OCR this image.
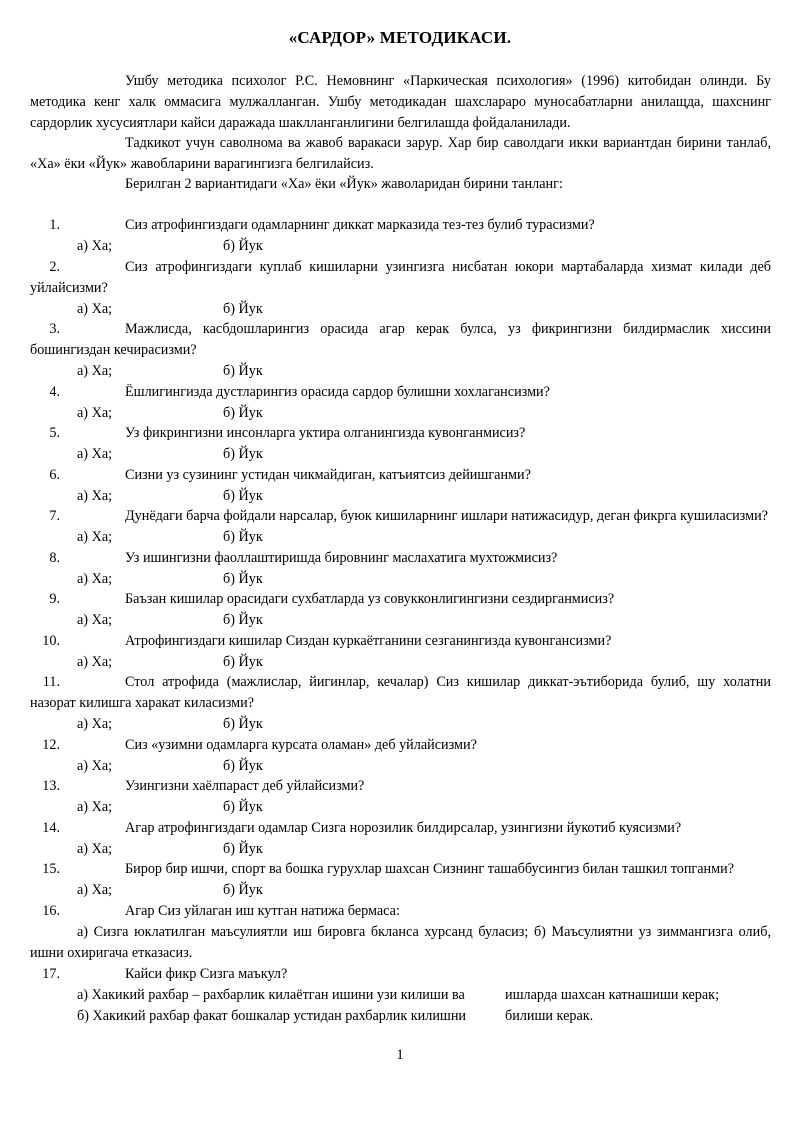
«САРДОР» МЕТОДИКАСИ.

Ушбу методика психолог Р.С. Немовнинг «Паркическая психология» (1996) китобидан олинди. Бу методика кенг халк оммасига мулжалланган. Ушбу методикадан шахслараро муносабатларни анилащда, шахснинг сардорлик хусусиятлари кайси даражада шаклланганлигини белгилашда фойдаланилади.

Тадкикот учун саволнома ва жавоб варакаси зарур. Хар бир саволдаги икки вариантдан бирини танлаб, «Ха» ёки «Йук» жавобларини варагингизга белгилайсиз.

Берилган 2 вариантидаги «Ха» ёки «Йук» жаволаридан бирини танланг:

1.	Сиз атрофингиздаги одамларнинг диккат марказида тез-тез булиб турасизми?
а) Ха;	б) Йук
2.	Сиз атрофингиздаги куплаб кишиларни узингизга нисбатан юкори мартабаларда хизмат килади деб уйлайсизми?
а) Ха;	б) Йук
3.	Мажлисда, касбдошларингиз орасида агар керак булса, уз фикрингизни билдирмаслик хиссини бошингиздан кечирасизми?
а) Ха;	б) Йук
4.	Ёшлигингизда дустларингиз орасида сардор булишни хохлагансизми?
а) Ха;	б) Йук
5.	Уз фикрингизни инсонларга уктира олганингизда кувонганмисиз?
а) Ха;	б) Йук
6.	Сизни уз сузининг устидан чикмайдиган, катъиятсиз дейишганми?
а) Ха;	б) Йук
7.	Дунёдаги барча фойдали нарсалар, буюк кишиларнинг ишлари натижасидур, деган фикрга кушиласизми?
а) Ха;	б) Йук
8.	Уз ишингизни фаоллаштиришда бировнинг маслахатига мухтожмисиз?
а) Ха;	б) Йук
9.	Баъзан кишилар орасидаги сухбатларда уз совукконлигингизни сездирганмисиз?
а) Ха;	б) Йук
10.	Атрофингиздаги кишилар Сиздан куркаётганини сезганингизда кувонгансизми?
а) Ха;	б) Йук
11.	Стол атрофида (мажлислар, йигинлар, кечалар) Сиз кишилар диккат-эътиборида булиб, шу холатни назорат килишга харакат киласизми?
а) Ха;	б) Йук
12.	Сиз «узимни одамларга курсата оламан» деб уйлайсизми?
а) Ха;	б) Йук
13.	Узингизни хаёлпараст деб уйлайсизми?
а) Ха;	б) Йук
14.	Агар атрофингиздаги одамлар Сизга норозилик билдирсалар, узингизни йукотиб куясизми?
а) Ха;	б) Йук
15.	Бирор бир ишчи, спорт ва бошка гурухлар шахсан Сизнинг ташаббусингиз билан ташкил топганми?
а) Ха;	б) Йук
16.	Агар Сиз уйлаган иш кутган натижа бермаса:
а) Сизга юклатилган маъсулиятли иш бировга бкланса хурсанд буласиз; б) Маъсулиятни уз зиммангизга олиб, ишни охиригача етказасиз.
17.	Кайси фикр Сизга маъкул?
а) Хакикий рахбар – рахбарлик килаётган ишини узи килиши ва	ишларда шахсан катнашиши керак;
б) Хакикий рахбар факат бошкалар устидан рахбарлик килишни	билиши керак.
1
